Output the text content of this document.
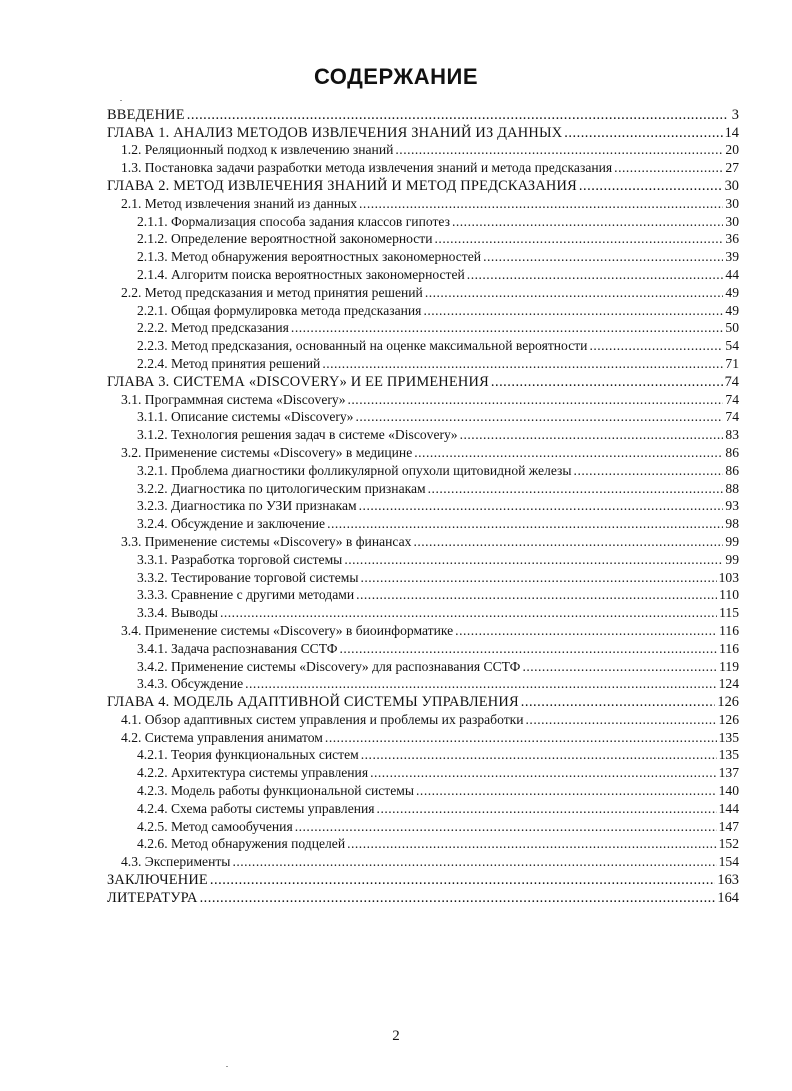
СОДЕРЖАНИЕ
ВВЕДЕНИЕ .....	3
ГЛАВА 1. АНАЛИЗ МЕТОДОВ ИЗВЛЕЧЕНИЯ ЗНАНИЙ ИЗ ДАННЫХ .....	14
1.2. Реляционный подход к извлечению знаний .....	20
1.3. Постановка задачи разработки метода извлечения знаний и метода предсказания .....	27
ГЛАВА 2. МЕТОД ИЗВЛЕЧЕНИЯ ЗНАНИЙ И МЕТОД ПРЕДСКАЗАНИЯ .....	30
2.1. Метод извлечения знаний из данных .....	30
2.1.1. Формализация способа задания классов гипотез .....	30
2.1.2. Определение вероятностной закономерности .....	36
2.1.3. Метод обнаружения вероятностных закономерностей .....	39
2.1.4. Алгоритм поиска вероятностных закономерностей .....	44
2.2. Метод предсказания и метод принятия решений .....	49
2.2.1. Общая формулировка метода предсказания .....	49
2.2.2. Метод предсказания .....	50
2.2.3. Метод предсказания, основанный на оценке максимальной вероятности .....	54
2.2.4. Метод принятия решений .....	71
ГЛАВА 3. СИСТЕМА «DISCOVERY» И ЕЕ ПРИМЕНЕНИЯ .....	74
3.1. Программная система «Discovery» .....	74
3.1.1. Описание системы «Discovery» .....	74
3.1.2. Технология решения задач в системе «Discovery» .....	83
3.2. Применение системы «Discovery» в медицине .....	86
3.2.1. Проблема диагностики фолликулярной опухоли щитовидной железы .....	86
3.2.2. Диагностика по цитологическим признакам .....	88
3.2.3. Диагностика по УЗИ признакам .....	93
3.2.4. Обсуждение и заключение .....	98
3.3. Применение системы «Discovery» в финансах .....	99
3.3.1. Разработка торговой системы .....	99
3.3.2. Тестирование торговой системы .....	103
3.3.3. Сравнение с другими методами .....	110
3.3.4. Выводы .....	115
3.4. Применение системы «Discovery» в биоинформатике .....	116
3.4.1. Задача распознавания ССТФ .....	116
3.4.2. Применение системы «Discovery» для распознавания ССТФ .....	119
3.4.3. Обсуждение .....	124
ГЛАВА 4. МОДЕЛЬ АДАПТИВНОЙ СИСТЕМЫ УПРАВЛЕНИЯ .....	126
4.1. Обзор адаптивных систем управления и проблемы их разработки .....	126
4.2. Система управления аниматом .....	135
4.2.1. Теория функциональных систем .....	135
4.2.2. Архитектура системы управления .....	137
4.2.3. Модель работы функциональной системы .....	140
4.2.4. Схема работы системы управления .....	144
4.2.5. Метод самообучения .....	147
4.2.6. Метод обнаружения подцелей .....	152
4.3. Эксперименты .....	154
ЗАКЛЮЧЕНИЕ .....	163
ЛИТЕРАТУРА .....	164
2
